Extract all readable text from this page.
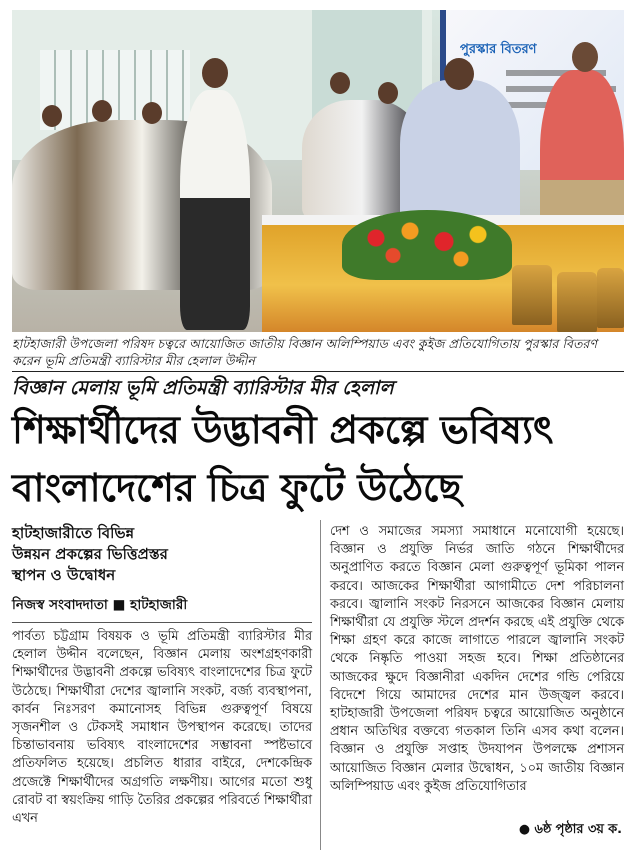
পুরস্কার বিতরণ
হাটহাজারী উপজেলা পরিষদ চত্বরে আয়োজিত জাতীয় বিজ্ঞান অলিম্পিয়াড এবং কুইজ প্রতিযোগিতায় পুরস্কার বিতরণ করেন ভূমি প্রতিমন্ত্রী ব্যারিস্টার মীর হেলাল উদ্দীন
বিজ্ঞান মেলায় ভূমি প্রতিমন্ত্রী ব্যারিস্টার মীর হেলাল
শিক্ষার্থীদের উদ্ভাবনী প্রকল্পে ভবিষ্যৎ
বাংলাদেশের চিত্র ফুটে উঠেছে
হাটহাজারীতে বিভিন্ন
উন্নয়ন প্রকল্পের ভিত্তিপ্রস্তর
স্থাপন ও উদ্বোধন
নিজস্ব সংবাদদাতা ■ হাটহাজারী
পার্বত্য চট্টগ্রাম বিষয়ক ও ভূমি প্রতিমন্ত্রী ব্যারিস্টার মীর হেলাল উদ্দীন বলেছেন, বিজ্ঞান মেলায় অংশগ্রহণকারী শিক্ষার্থীদের উদ্ভাবনী প্রকল্পে ভবিষ্যৎ বাংলাদেশের চিত্র ফুটে উঠেছে। শিক্ষার্থীরা দেশের জ্বালানি সংকট, বর্জ্য ব্যবস্থাপনা, কার্বন নিঃসরণ কমানোসহ বিভিন্ন গুরুত্বপূর্ণ বিষয়ে সৃজনশীল ও টেকসই সমাধান উপস্থাপন করেছে। তাদের চিন্তাভাবনায় ভবিষ্যৎ বাংলাদেশের সম্ভাবনা স্পষ্টভাবে প্রতিফলিত হয়েছে। প্রচলিত ধারার বাইরে, দেশকেন্দ্রিক প্রজেক্টে শিক্ষার্থীদের অগ্রগতি লক্ষণীয়। আগের মতো শুধু রোবট বা স্বয়ংক্রিয় গাড়ি তৈরির প্রকল্পের পরিবর্তে শিক্ষার্থীরা এখন
দেশ ও সমাজের সমস্যা সমাধানে মনোযোগী হয়েছে। বিজ্ঞান ও প্রযুক্তি নির্ভর জাতি গঠনে শিক্ষার্থীদের অনুপ্রাণিত করতে বিজ্ঞান মেলা গুরুত্বপূর্ণ ভূমিকা পালন করবে। আজকের শিক্ষার্থীরা আগামীতে দেশ পরিচালনা করবে। জ্বালানি সংকট নিরসনে আজকের বিজ্ঞান মেলায় শিক্ষার্থীরা যে প্রযুক্তি স্টলে প্রদর্শন করছে এই প্রযুক্তি থেকে শিক্ষা গ্রহণ করে কাজে লাগাতে পারলে জ্বালানি সংকট থেকে নিষ্কৃতি পাওয়া সহজ হবে। শিক্ষা প্রতিষ্ঠানের আজকের ক্ষুদে বিজ্ঞানীরা একদিন দেশের গন্ডি পেরিয়ে বিদেশে গিয়ে আমাদের দেশের মান উজ্জ্বল করবে। হাটহাজারী উপজেলা পরিষদ চত্বরে আয়োজিত অনুষ্ঠানে প্রধান অতিথির বক্তব্যে গতকাল তিনি এসব কথা বলেন। বিজ্ঞান ও প্রযুক্তি সপ্তাহ উদযাপন উপলক্ষে প্রশাসন আয়োজিত বিজ্ঞান মেলার উদ্বোধন, ১০ম জাতীয় বিজ্ঞান অলিম্পিয়াড এবং কুইজ প্রতিযোগিতার
● ৬ষ্ঠ পৃষ্ঠার ৩য় ক.
